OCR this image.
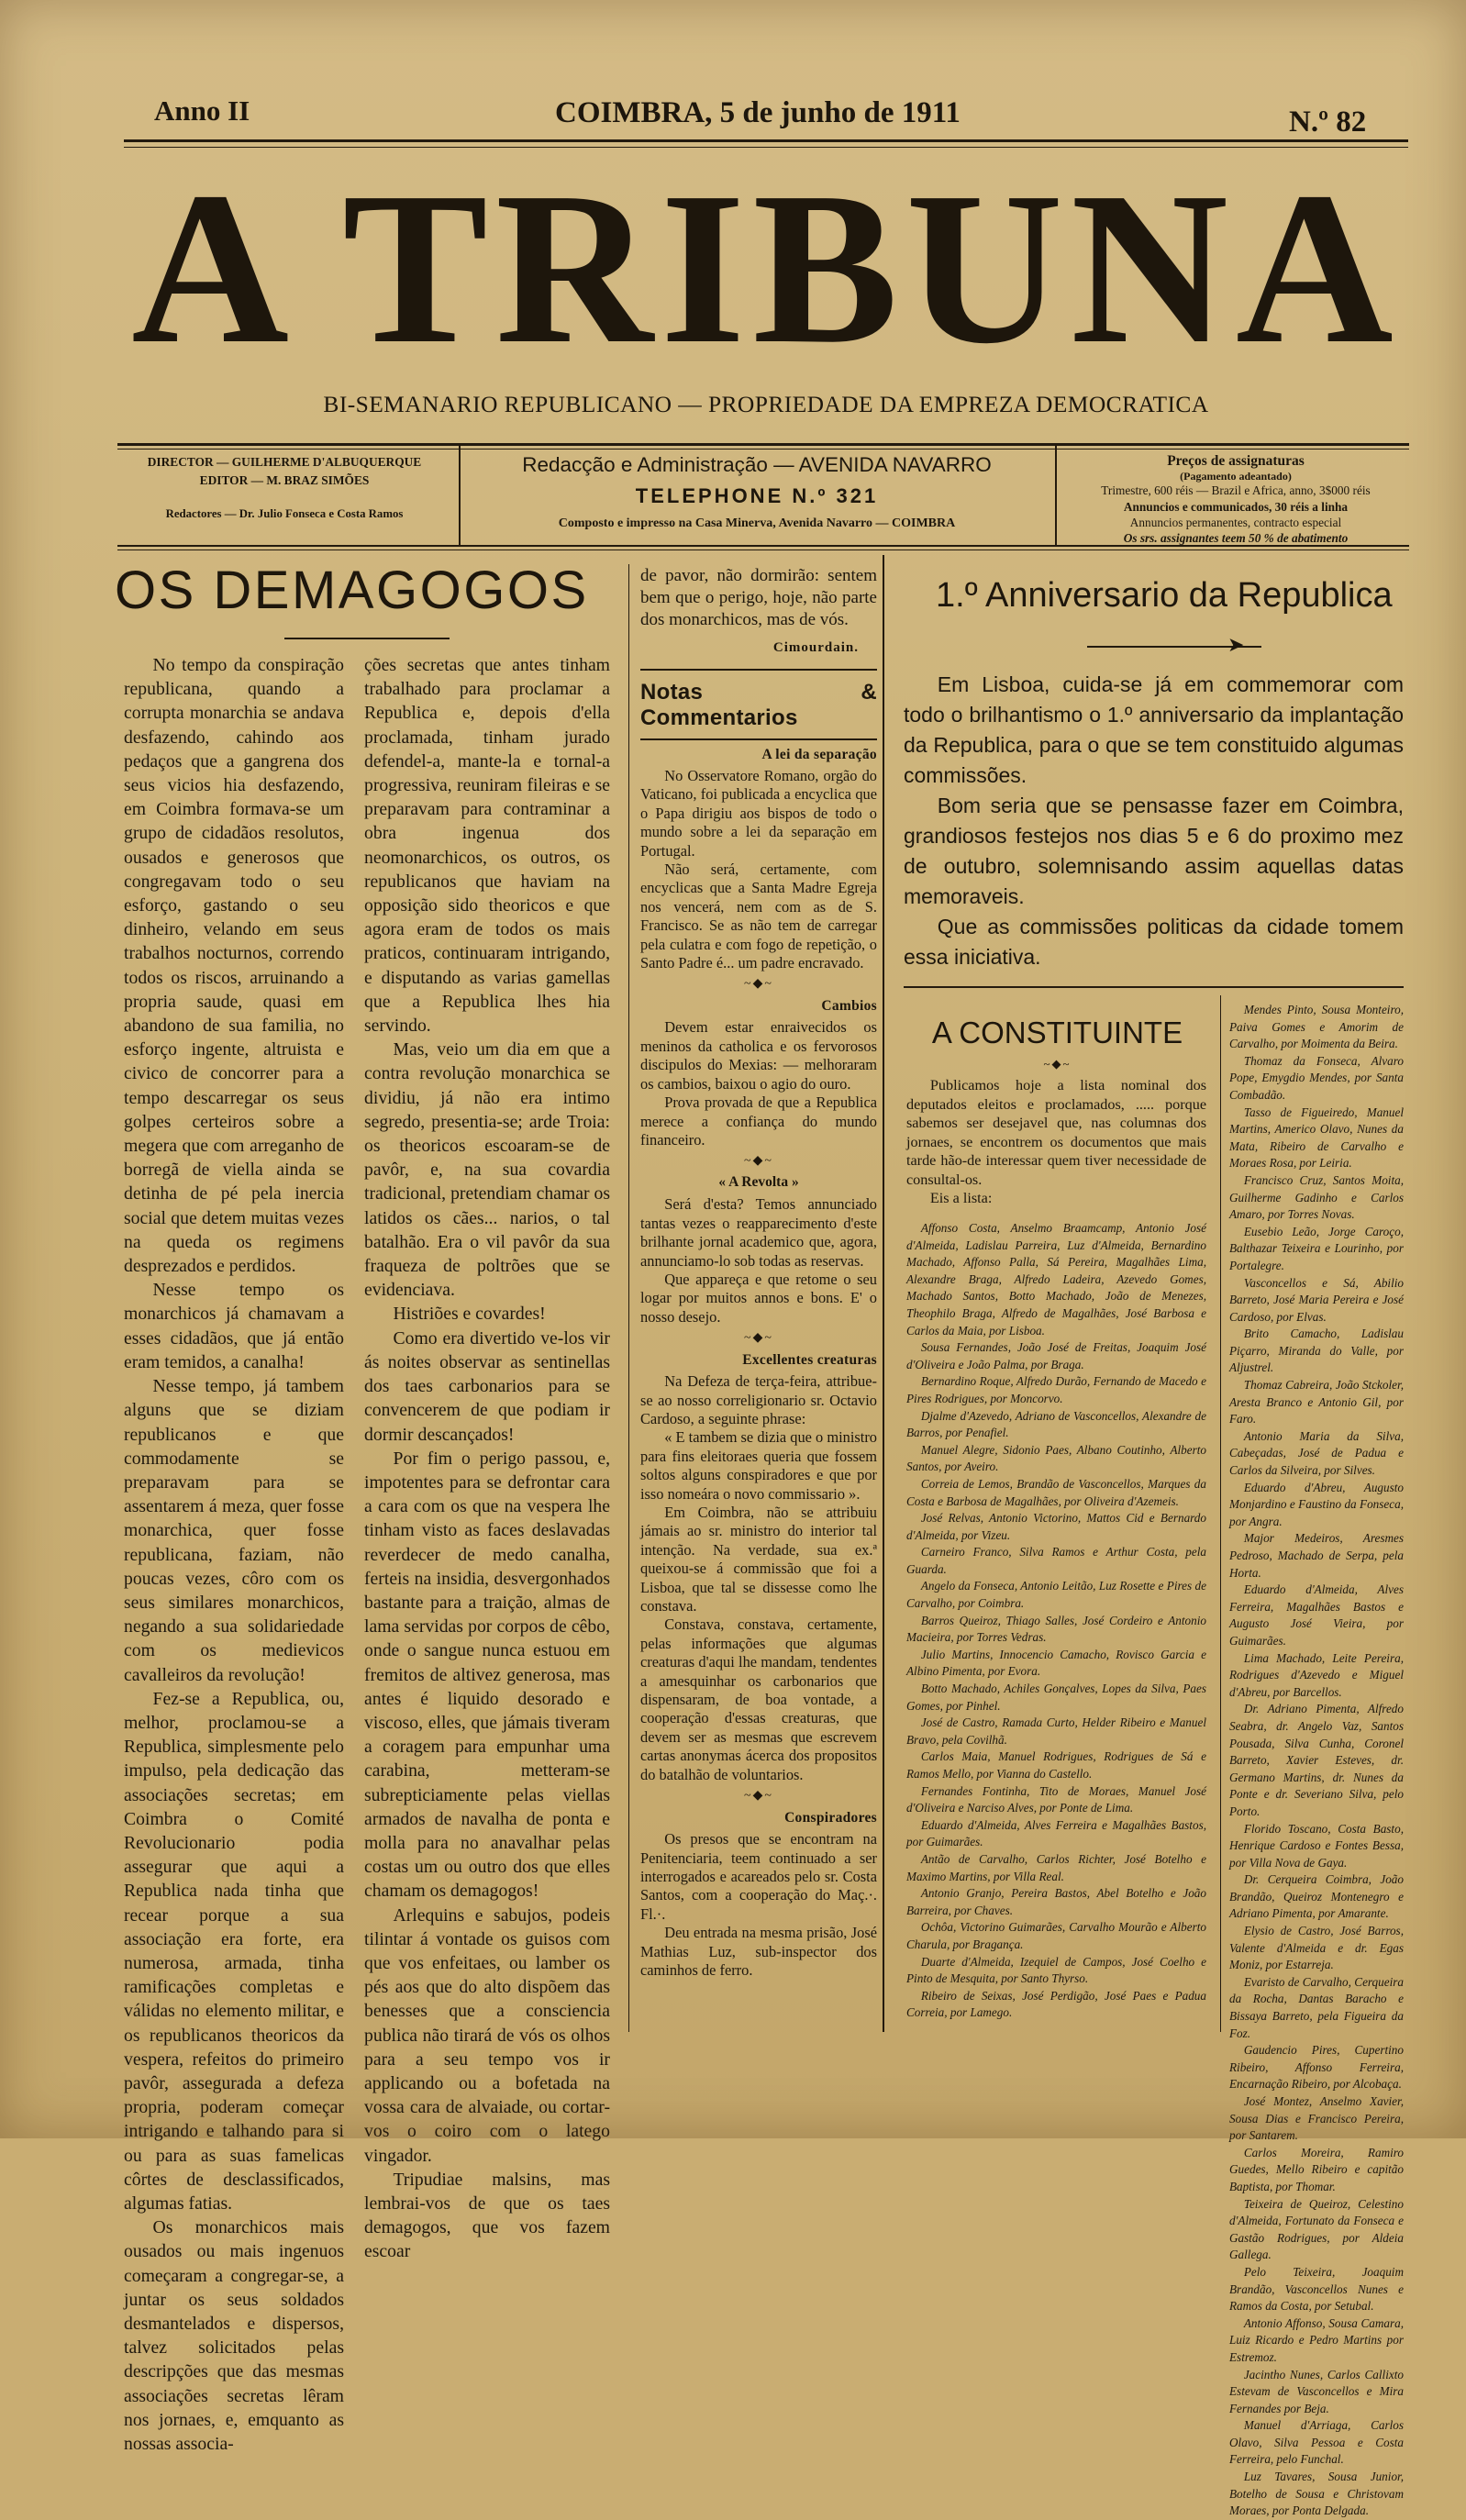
Anno II	COIMBRA, 5 de junho de 1911	N.º 82
A TRIBUNA
BI-SEMANARIO REPUBLICANO — PROPRIEDADE DA EMPREZA DEMOCRATICA
DIRECTOR — GUILHERME D'ALBUQUERQUE
EDITOR — M. BRAZ SIMÕES
Redactores — Dr. Julio Fonseca e Costa Ramos
Redacção e Administração — AVENIDA NAVARRO
TELEPHONE N.º 321
Composto e impresso na Casa Minerva, Avenida Navarro — COIMBRA
Preços de assignaturas
(Pagamento adeantado)
Trimestre, 600 réis — Brazil e Africa, anno, 3$000 réis
Annuncios e communicados, 30 réis a linha
Annuncios permanentes, contracto especial
Os srs. assignantes teem 50 % de abatimento
OS DEMAGOGOS

No tempo da conspiração republicana, quando a corrupta monarchia se andava desfazendo, cahindo aos pedaços que a gangrena dos seus vicios hia desfazendo, em Coimbra formava-se um grupo de cidadãos resolutos, ousados e generosos que congregavam todo o seu esforço, gastando o seu dinheiro, velando em seus trabalhos nocturnos, correndo todos os riscos, arruinando a propria saude, quasi em abandono de sua familia, no esforço ingente, altruista e civico de concorrer para a tempo descarregar os seus golpes certeiros sobre a megera que com arreganho de borregã de viella ainda se detinha de pé pela inercia social que detem muitas vezes na queda os regimens desprezados e perdidos.

Nesse tempo os monarchicos já chamavam a esses cidadãos, que já então eram temidos, a canalha!

Nesse tempo, já tambem alguns que se diziam republicanos e que commodamente se preparavam para se assentarem á meza, quer fosse monarchica, quer fosse republicana, faziam, não poucas vezes, côro com os seus similares monarchicos, negando a sua solidariedade com os medievicos cavalleiros da revolução!

Fez-se a Republica, ou, melhor, proclamou-se a Republica, simplesmente pelo impulso, pela dedicação das associações secretas; em Coimbra o Comité Revolucionario podia assegurar que aqui a Republica nada tinha que recear porque a sua associação era forte, era numerosa, armada, tinha ramificações completas e válidas no elemento militar, e os republicanos theoricos da vespera, refeitos do primeiro pavôr, assegurada a defeza propria, poderam começar intrigando e talhando para si ou para as suas famelicas côrtes de desclassificados, algumas fatias.

Os monarchicos mais ousados ou mais ingenuos começaram a congregar-se, a juntar os seus soldados desmantelados e dispersos, talvez solicitados pelas descripções que das mesmas associações secretas lêram nos jornaes, e, emquanto as nossas associa-

ções secretas que antes tinham trabalhado para proclamar a Republica e, depois d'ella proclamada, tinham jurado defendel-a, mante-la e tornal-a progressiva, reuniram fileiras e se preparavam para contraminar a obra ingenua dos neomonarchicos, os outros, os republicanos que haviam na opposição sido theoricos e que agora eram de todos os mais praticos, continuaram intrigando, e disputando as varias gamellas que a Republica lhes hia servindo.

Mas, veio um dia em que a contra revolução monarchica se dividiu, já não era intimo segredo, presentia-se; arde Troia: os theoricos escoaram-se de pavôr, e, na sua covardia tradicional, pretendiam chamar os latidos os cães... narios, o tal batalhão. Era o vil pavôr da sua fraqueza de poltrões que se evidenciava.

Histriões e covardes!

Como era divertido ve-los vir ás noites observar as sentinellas dos taes carbonarios para se convencerem de que podiam ir dormir descançados!

Por fim o perigo passou, e, impotentes para se defrontar cara a cara com os que na vespera lhe tinham visto as faces deslavadas reverdecer de medo canalha, ferteis na insidia, desvergonhados bastante para a traição, almas de lama servidas por corpos de cêbo, onde o sangue nunca estuou em fremitos de altivez generosa, mas antes é liquido desorado e viscoso, elles, que jámais tiveram a coragem para empunhar uma carabina, metteram-se subrepticiamente pelas viellas armados de navalha de ponta e molla para no anavalhar pelas costas um ou outro dos que elles chamam os demagogos!

Arlequins e sabujos, podeis tilintar á vontade os guisos com que vos enfeitaes, ou lamber os pés aos que do alto dispõem das benesses que a consciencia publica não tirará de vós os olhos para a seu tempo vos ir applicando ou a bofetada na vossa cara de alvaiade, ou cortar-vos o coiro com o latego vingador.

Tripudiae malsins, mas lembrai-vos de que os taes demagogos, que vos fazem escoar

de pavor, não dormirão: sentem bem que o perigo, hoje, não parte dos monarchicos, mas de vós.

Cimourdain.
Notas & Commentarios
A lei da separação

No Osservatore Romano, orgão do Vaticano, foi publicada a encyclica que o Papa dirigiu aos bispos de todo o mundo sobre a lei da separação em Portugal.

Não será, certamente, com encyclicas que a Santa Madre Egreja nos vencerá, nem com as de S. Francisco. Se as não tem de carregar pela culatra e com fogo de repetição, o Santo Padre é... um padre encravado.

~◆~
Cambios

Devem estar enraivecidos os meninos da catholica e os fervorosos discipulos do Mexias: — melhoraram os cambios, baixou o agio do ouro.

Prova provada de que a Republica merece a confiança do mundo financeiro.

~◆~
« A Revolta »

Será d'esta? Temos annunciado tantas vezes o reapparecimento d'este brilhante jornal academico que, agora, annunciamo-lo sob todas as reservas.

Que appareça e que retome o seu logar por muitos annos e bons. E' o nosso desejo.

~◆~
Excellentes creaturas

Na Defeza de terça-feira, attribue-se ao nosso correligionario sr. Octavio Cardoso, a seguinte phrase:

« E tambem se dizia que o ministro para fins eleitoraes queria que fossem soltos alguns conspiradores e que por isso nomeára o novo commissario ».

Em Coimbra, não se attribuiu jámais ao sr. ministro do interior tal intenção. Na verdade, sua ex.ª queixou-se á commissão que foi a Lisboa, que tal se dissesse como lhe constava.

Constava, constava, certamente, pelas informações que algumas creaturas d'aqui lhe mandam, tendentes a amesquinhar os carbonarios que dispensaram, de boa vontade, a cooperação d'essas creaturas, que devem ser as mesmas que escrevem cartas anonymas ácerca dos propositos do batalhão de voluntarios.

~◆~
Conspiradores

Os presos que se encontram na Penitenciaria, teem continuado a ser interrogados e acareados pelo sr. Costa Santos, com a cooperação do Maç.·. Fl.·.

Deu entrada na mesma prisão, José Mathias Luz, sub-inspector dos caminhos de ferro.

1.º Anniversario da Republica
➤

Em Lisboa, cuida-se já em commemorar com todo o brilhantismo o 1.º anniversario da implantação da Republica, para o que se tem constituido algumas commissões.

Bom seria que se pensasse fazer em Coimbra, grandiosos festejos nos dias 5 e 6 do proximo mez de outubro, solemnisando assim aquellas datas memoraveis.

Que as commissões politicas da cidade tomem essa iniciativa.

A CONSTITUINTE
~◆~

Publicamos hoje a lista nominal dos deputados eleitos e proclamados, ..... porque sabemos ser desejavel que, nas columnas dos jornaes, se encontrem os documentos que mais tarde hão-de interessar quem tiver necessidade de consultal-os.

Eis a lista:

Affonso Costa, Anselmo Braamcamp, Antonio José d'Almeida, Ladislau Parreira, Luz d'Almeida, Bernardino Machado, Affonso Palla, Sá Pereira, Magalhães Lima, Alexandre Braga, Alfredo Ladeira, Azevedo Gomes, Machado Santos, Botto Machado, João de Menezes, Theophilo Braga, Alfredo de Magalhães, José Barbosa e Carlos da Maia, por Lisboa.

Sousa Fernandes, João José de Freitas, Joaquim José d'Oliveira e João Palma, por Braga.

Bernardino Roque, Alfredo Durão, Fernando de Macedo e Pires Rodrigues, por Moncorvo.

Djalme d'Azevedo, Adriano de Vasconcellos, Alexandre de Barros, por Penafiel.

Manuel Alegre, Sidonio Paes, Albano Coutinho, Alberto Santos, por Aveiro.

Correia de Lemos, Brandão de Vasconcellos, Marques da Costa e Barbosa de Magalhães, por Oliveira d'Azemeis.

José Relvas, Antonio Victorino, Mattos Cid e Bernardo d'Almeida, por Vizeu.

Carneiro Franco, Silva Ramos e Arthur Costa, pela Guarda.

Angelo da Fonseca, Antonio Leitão, Luz Rosette e Pires de Carvalho, por Coimbra.

Barros Queiroz, Thiago Salles, José Cordeiro e Antonio Macieira, por Torres Vedras.

Julio Martins, Innocencio Camacho, Rovisco Garcia e Albino Pimenta, por Evora.

Botto Machado, Achiles Gonçalves, Lopes da Silva, Paes Gomes, por Pinhel.

José de Castro, Ramada Curto, Helder Ribeiro e Manuel Bravo, pela Covilhã.

Carlos Maia, Manuel Rodrigues, Rodrigues de Sá e Ramos Mello, por Vianna do Castello.

Fernandes Fontinha, Tito de Moraes, Manuel José d'Oliveira e Narciso Alves, por Ponte de Lima.

Eduardo d'Almeida, Alves Ferreira e Magalhães Bastos, por Guimarães.

Antão de Carvalho, Carlos Richter, José Botelho e Maximo Martins, por Villa Real.

Antonio Granjo, Pereira Bastos, Abel Botelho e João Barreira, por Chaves.

Ochôa, Victorino Guimarães, Carvalho Mourão e Alberto Charula, por Bragança.

Duarte d'Almeida, Izequiel de Campos, José Coelho e Pinto de Mesquita, por Santo Thyrso.

Ribeiro de Seixas, José Perdigão, José Paes e Padua Correia, por Lamego.

Mendes Pinto, Sousa Monteiro, Paiva Gomes e Amorim de Carvalho, por Moimenta da Beira.

Thomaz da Fonseca, Alvaro Pope, Emygdio Mendes, por Santa Combadão.

Tasso de Figueiredo, Manuel Martins, Americo Olavo, Nunes da Mata, Ribeiro de Carvalho e Moraes Rosa, por Leiria.

Francisco Cruz, Santos Moita, Guilherme Gadinho e Carlos Amaro, por Torres Novas.

Eusebio Leão, Jorge Caroço, Balthazar Teixeira e Lourinho, por Portalegre.

Vasconcellos e Sá, Abilio Barreto, José Maria Pereira e José Cardoso, por Elvas.

Brito Camacho, Ladislau Piçarro, Miranda do Valle, por Aljustrel.

Thomaz Cabreira, João Stckoler, Aresta Branco e Antonio Gil, por Faro.

Antonio Maria da Silva, Cabeçadas, José de Padua e Carlos da Silveira, por Silves.

Eduardo d'Abreu, Augusto Monjardino e Faustino da Fonseca, por Angra.

Major Medeiros, Aresmes Pedroso, Machado de Serpa, pela Horta.

Eduardo d'Almeida, Alves Ferreira, Magalhães Bastos e Augusto José Vieira, por Guimarães.

Lima Machado, Leite Pereira, Rodrigues d'Azevedo e Miguel d'Abreu, por Barcellos.

Dr. Adriano Pimenta, Alfredo Seabra, dr. Angelo Vaz, Santos Pousada, Silva Cunha, Coronel Barreto, Xavier Esteves, dr. Germano Martins, dr. Nunes da Ponte e dr. Severiano Silva, pelo Porto.

Florido Toscano, Costa Basto, Henrique Cardoso e Fontes Bessa, por Villa Nova de Gaya.

Dr. Cerqueira Coimbra, João Brandão, Queiroz Montenegro e Adriano Pimenta, por Amarante.

Elysio de Castro, José Barros, Valente d'Almeida e dr. Egas Moniz, por Estarreja.

Evaristo de Carvalho, Cerqueira da Rocha, Dantas Baracho e Bissaya Barreto, pela Figueira da Foz.

Gaudencio Pires, Cupertino Ribeiro, Affonso Ferreira, Encarnação Ribeiro, por Alcobaça.

José Montez, Anselmo Xavier, Sousa Dias e Francisco Pereira, por Santarem.

Carlos Moreira, Ramiro Guedes, Mello Ribeiro e capitão Baptista, por Thomar.

Teixeira de Queiroz, Celestino d'Almeida, Fortunato da Fonseca e Gastão Rodrigues, por Aldeia Gallega.

Pelo Teixeira, Joaquim Brandão, Vasconcellos Nunes e Ramos da Costa, por Setubal.

Antonio Affonso, Sousa Camara, Luiz Ricardo e Pedro Martins por Estremoz.

Jacintho Nunes, Carlos Callixto Estevam de Vasconcellos e Mira Fernandes por Beja.

Manuel d'Arriaga, Carlos Olavo, Silva Pessoa e Costa Ferreira, pelo Funchal.

Luz Tavares, Sousa Junior, Botelho de Sousa e Christovam Moraes, por Ponta Delgada.
